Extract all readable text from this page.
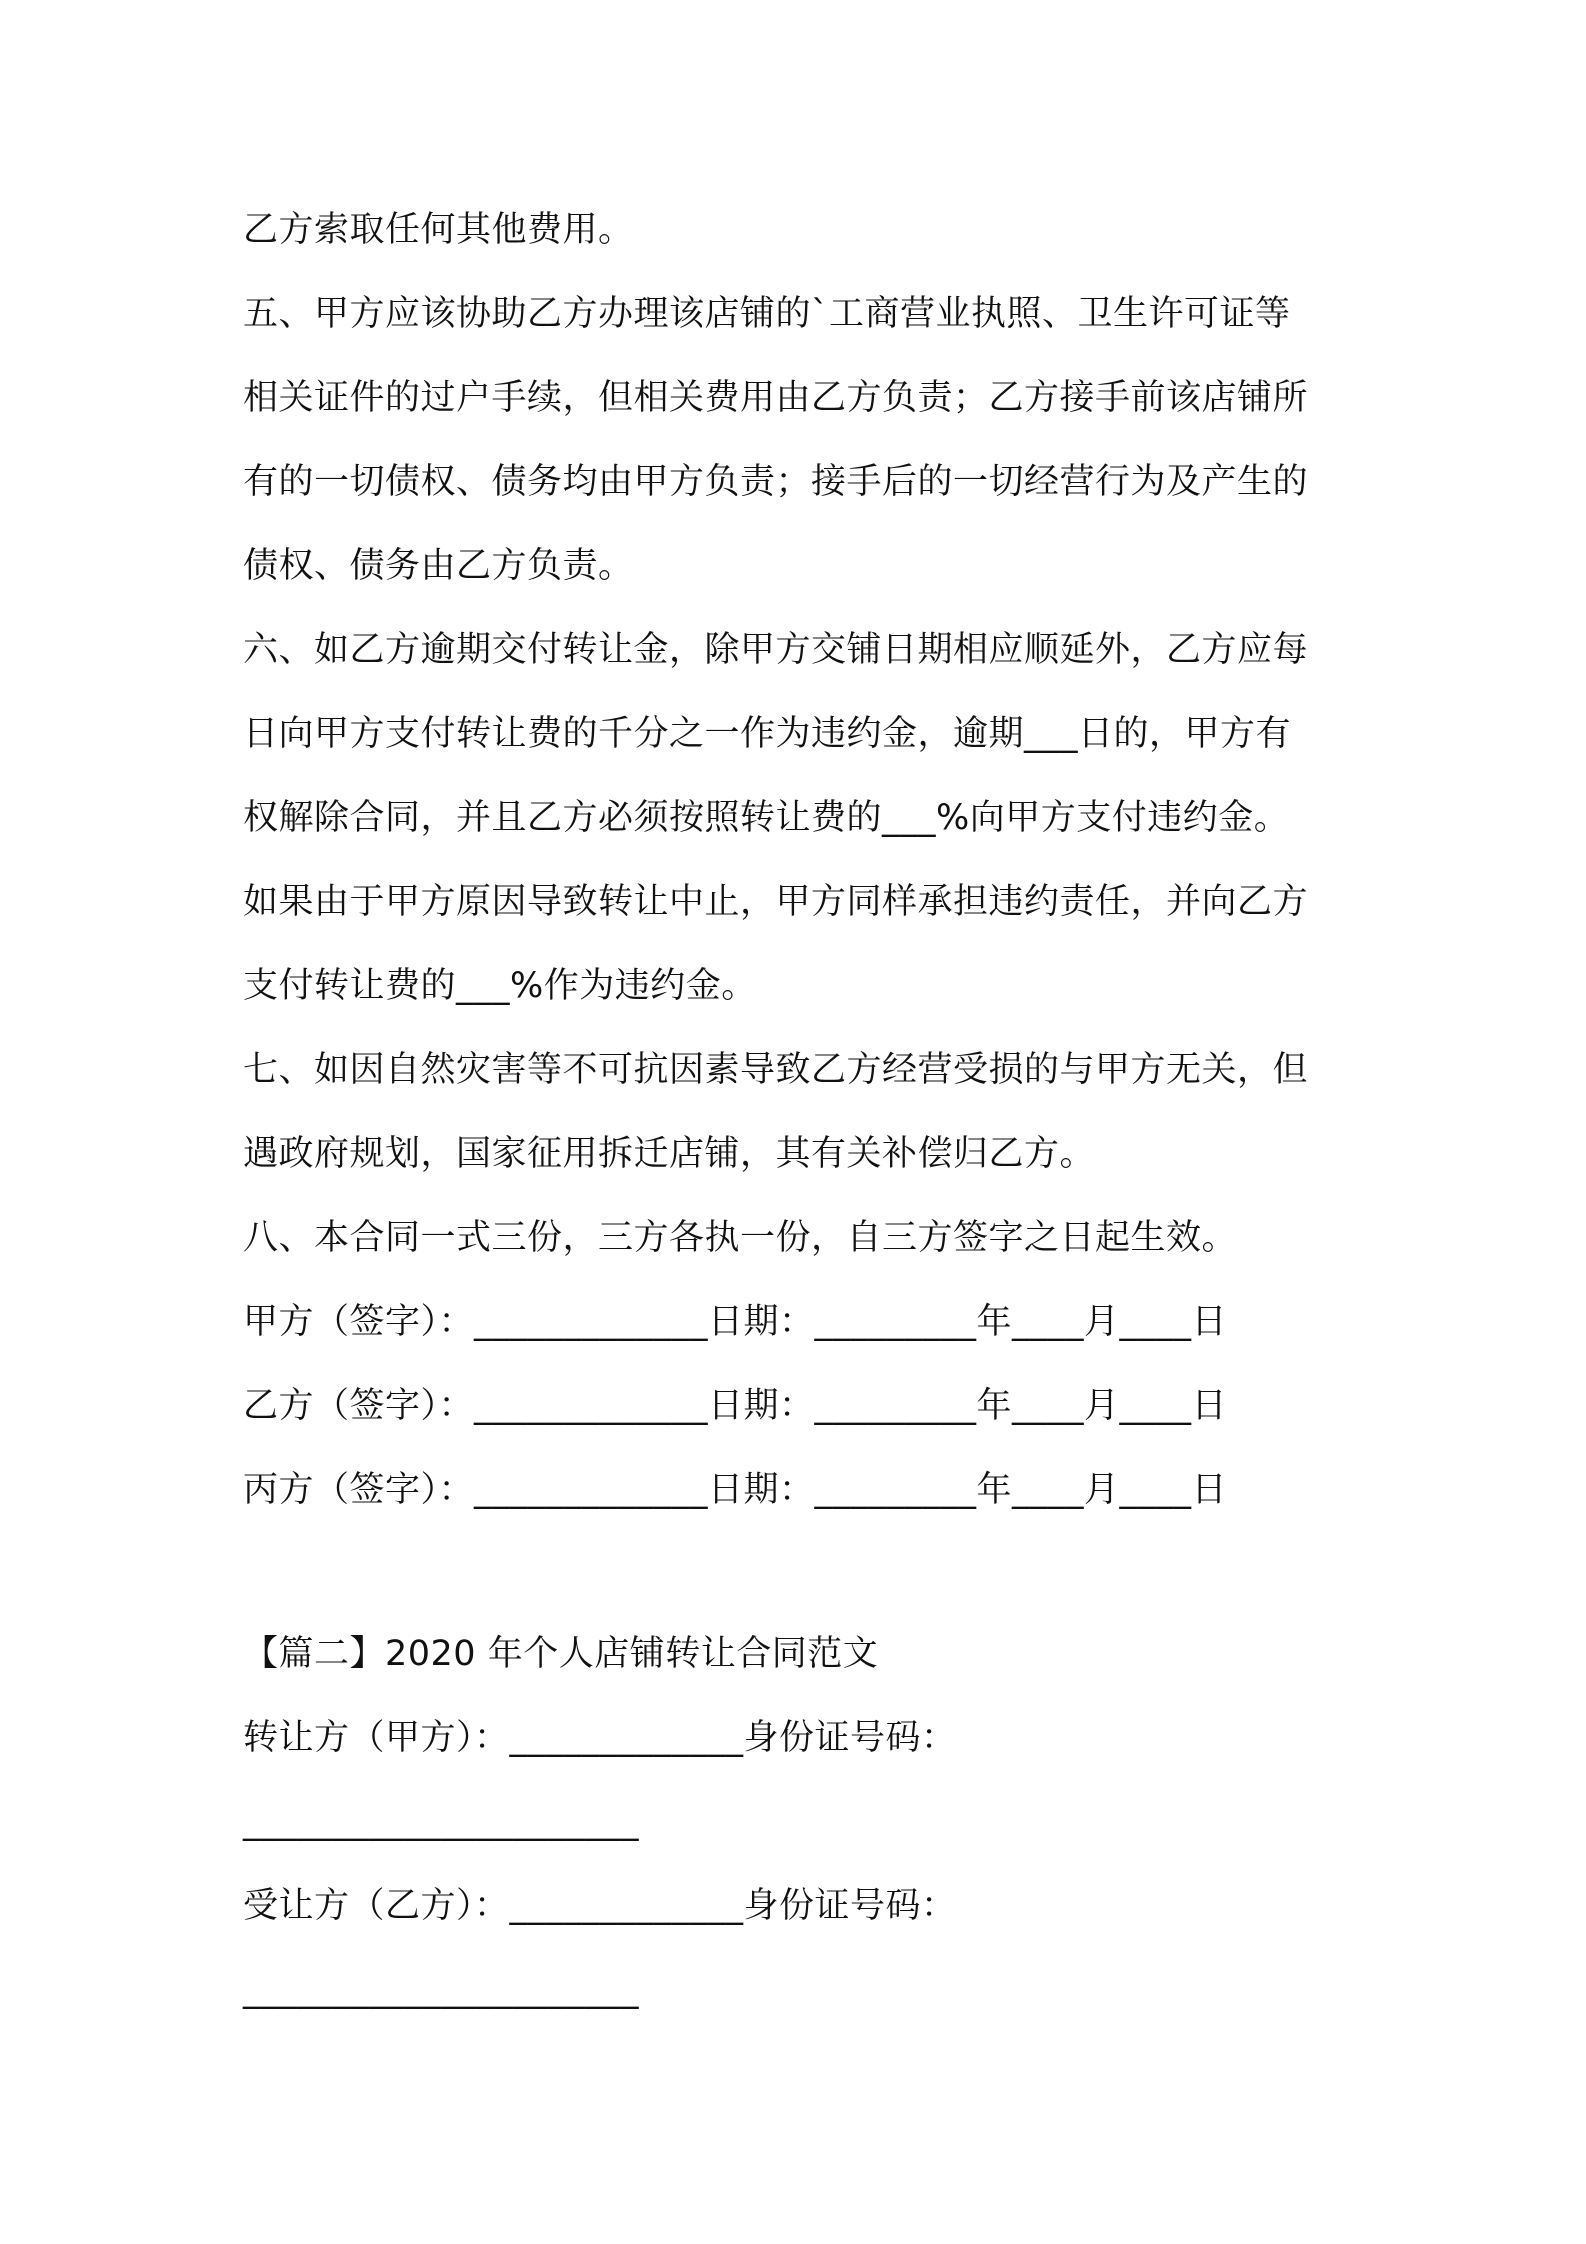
乙方索取任何其他费用。
五、甲方应该协助乙方办理该店铺的`工商营业执照、卫生许可证等
相关证件的过户手续，但相关费用由乙方负责；乙方接手前该店铺所
有的一切债权、债务均由甲方负责；接手后的一切经营行为及产生的
债权、债务由乙方负责。
六、如乙方逾期交付转让金，除甲方交铺日期相应顺延外，乙方应每
日向甲方支付转让费的千分之一作为违约金，逾期___日的，甲方有
权解除合同，并且乙方必须按照转让费的___%向甲方支付违约金。
如果由于甲方原因导致转让中止，甲方同样承担违约责任，并向乙方
支付转让费的___%作为违约金。
七、如因自然灾害等不可抗因素导致乙方经营受损的与甲方无关，但
遇政府规划，国家征用拆迁店铺，其有关补偿归乙方。
八、本合同一式三份，三方各执一份，自三方签字之日起生效。
甲方（签字）：_____________日期：_________年____月____日
乙方（签字）：_____________日期：_________年____月____日
丙方（签字）：_____________日期：_________年____月____日
【篇二】2020 年个人店铺转让合同范文
转让方（甲方）：_____________身份证号码：
______________________
受让方（乙方）：_____________身份证号码：
______________________
